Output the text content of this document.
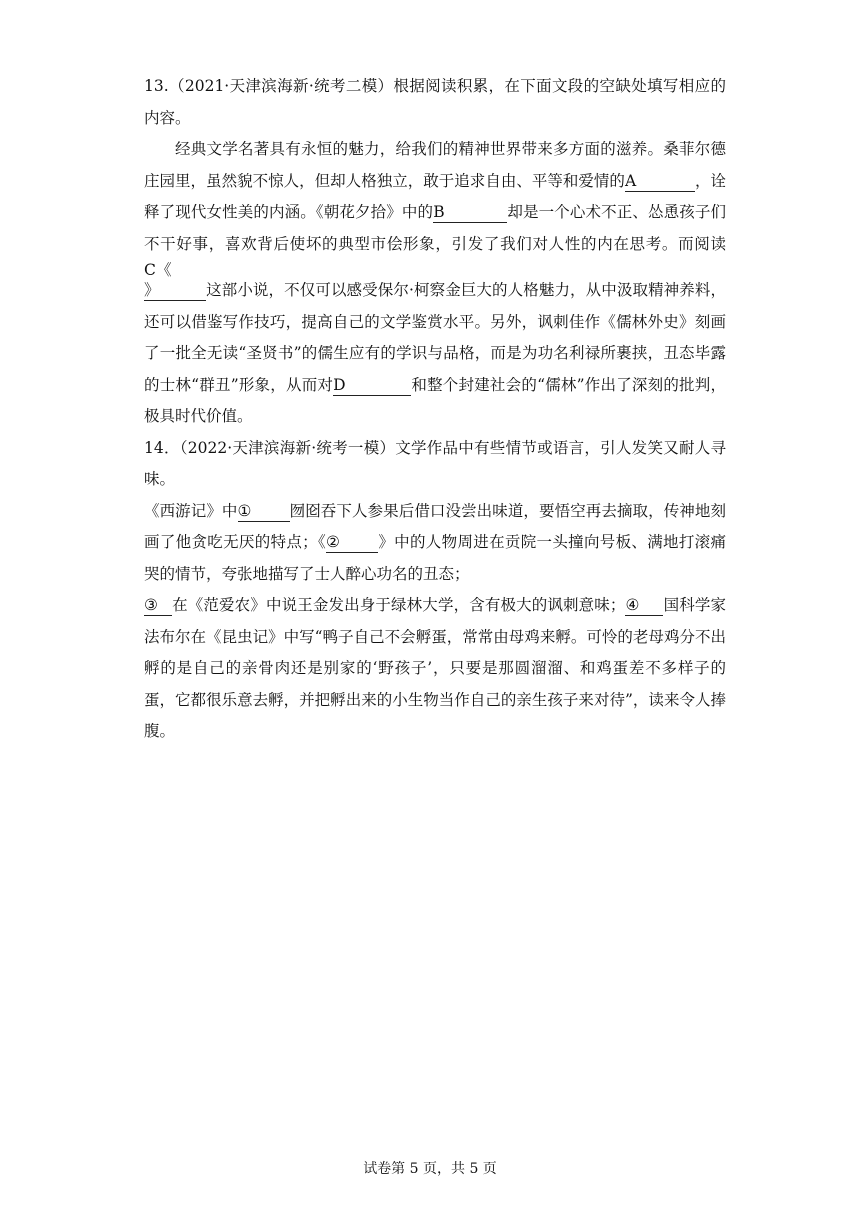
13.（2021·天津滨海新·统考二模）根据阅读积累，在下面文段的空缺处填写相应的内容。

经典文学名著具有永恒的魅力，给我们的精神世界带来多方面的滋养。桑菲尔德庄园里，虽然貌不惊人，但却人格独立，敢于追求自由、平等和爱情的A	，诠释了现代女性美的内涵。《朝花夕拾》中的B	却是一个心术不正、怂恿孩子们不干好事，喜欢背后使坏的典型市侩形象，引发了我们对人性的内在思考。而阅读C《》	这部小说，不仅可以感受保尔·柯察金巨大的人格魅力，从中汲取精神养料，还可以借鉴写作技巧，提高自己的文学鉴赏水平。另外，讽刺佳作《儒林外史》刻画了一批全无读“圣贤书”的儒生应有的学识与品格，而是为功名利禄所裹挟，丑态毕露的士林“群丑”形象，从而对D	和整个封建社会的“儒林”作出了深刻的批判，极具时代价值。

14．（2022·天津滨海新·统考一模）文学作品中有些情节或语言，引人发笑又耐人寻味。

《西游记》中① 囫囵吞下人参果后借口没尝出味道，要悟空再去摘取，传神地刻画了他贪吃无厌的特点；《② 》中的人物周进在贡院一头撞向号板、满地打滚痛哭的情节，夸张地描写了士人醉心功名的丑态；

③ 在《范爱农》中说王金发出身于绿林大学，含有极大的讽刺意味；④ 国科学家法布尔在《昆虫记》中写“鸭子自己不会孵蛋，常常由母鸡来孵。可怜的老母鸡分不出孵的是自己的亲骨肉还是别家的‘野孩子’，只要是那圆溜溜、和鸡蛋差不多样子的蛋，它都很乐意去孵，并把孵出来的小生物当作自己的亲生孩子来对待”，读来令人捧腹。

试卷第 5 页，共 5 页
